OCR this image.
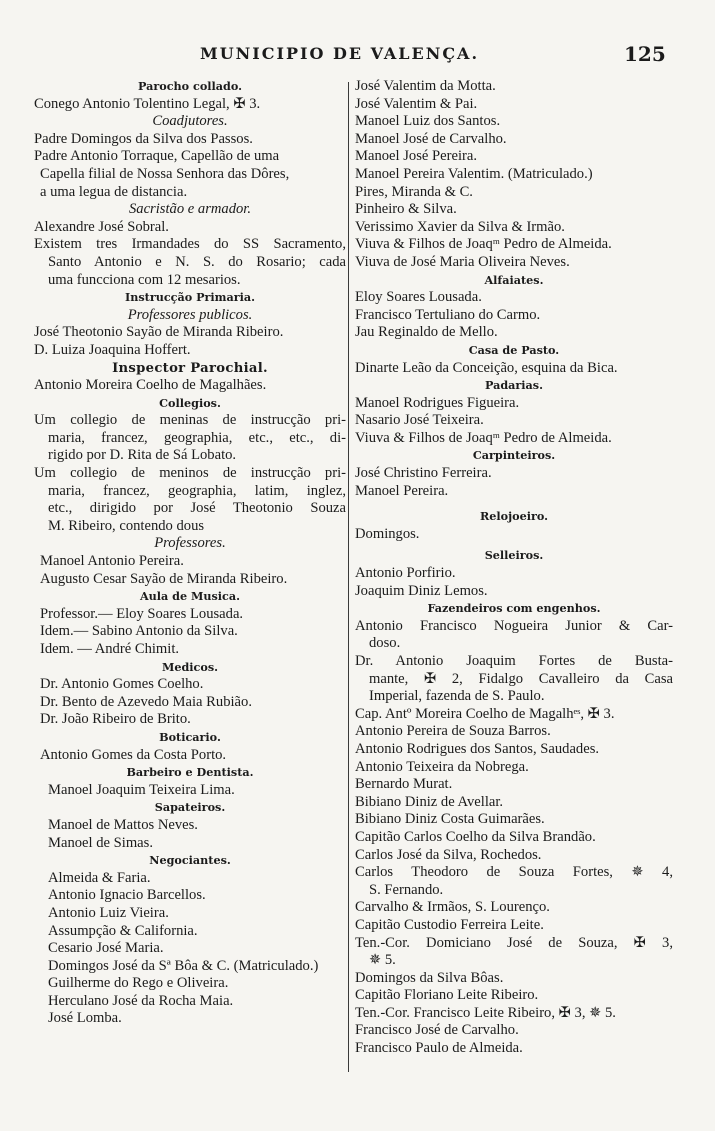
MUNICIPIO DE VALENÇA.	125
Parocho collado.
Conego Antonio Tolentino Legal, ✠ 3.
Coadjutores.
Padre Domingos da Silva dos Passos.
Padre Antonio Torraque, Capellão de uma
Capella filial de Nossa Senhora das Dôres,
a uma legua de distancia.
Sacristão e armador.
Alexandre José Sobral.
Existem tres Irmandades do SS Sacramento,
Santo Antonio e N. S. do Rosario; cada
uma funcciona com 12 mesarios.
Instrucção Primaria.
Professores publicos.
José Theotonio Sayão de Miranda Ribeiro.
D. Luiza Joaquina Hoffert.
Inspector Parochial.
Antonio Moreira Coelho de Magalhães.
Collegios.
Um collegio de meninas de instrucção pri-
maria, francez, geographia, etc., etc., di-
rigido por D. Rita de Sá Lobato.
Um collegio de meninos de instrucção pri-
maria, francez, geographia, latim, inglez,
etc., dirigido por José Theotonio Souza
M. Ribeiro, contendo dous
Professores.
Manoel Antonio Pereira.
Augusto Cesar Sayão de Miranda Ribeiro.
Aula de Musica.
Professor.— Eloy Soares Lousada.
Idem.— Sabino Antonio da Silva.
Idem. — André Chimit.
Medicos.
Dr. Antonio Gomes Coelho.
Dr. Bento de Azevedo Maia Rubião.
Dr. João Ribeiro de Brito.
Boticario.
Antonio Gomes da Costa Porto.
Barbeiro e Dentista.
Manoel Joaquim Teixeira Lima.
Sapateiros.
Manoel de Mattos Neves.
Manoel de Simas.
Negociantes.
Almeida & Faria.
Antonio Ignacio Barcellos.
Antonio Luiz Vieira.
Assumpção & California.
Cesario José Maria.
Domingos José da Sª Bôa & C. (Matriculado.)
Guilherme do Rego e Oliveira.
Herculano José da Rocha Maia.
José Lomba.
José Valentim da Motta.
José Valentim & Pai.
Manoel Luiz dos Santos.
Manoel José de Carvalho.
Manoel José Pereira.
Manoel Pereira Valentim. (Matriculado.)
Pires, Miranda & C.
Pinheiro & Silva.
Verissimo Xavier da Silva & Irmão.
Viuva & Filhos de Joaqᵐ Pedro de Almeida.
Viuva de José Maria Oliveira Neves.
Alfaiates.
Eloy Soares Lousada.
Francisco Tertuliano do Carmo.
Jau Reginaldo de Mello.
Casa de Pasto.
Dinarte Leão da Conceição, esquina da Bica.
Padarias.
Manoel Rodrigues Figueira.
Nasario José Teixeira.
Viuva & Filhos de Joaqᵐ Pedro de Almeida.
Carpinteiros.
José Christino Ferreira.
Manoel Pereira.
Relojoeiro.
Domingos.
Selleiros.
Antonio Porfirio.
Joaquim Diniz Lemos.
Fazendeiros com engenhos.
Antonio Francisco Nogueira Junior & Car-
doso.
Dr. Antonio Joaquim Fortes de Busta-
mante, ✠ 2, Fidalgo Cavalleiro da Casa
Imperial, fazenda de S. Paulo.
Cap. Antº Moreira Coelho de Magalhᵉˢ, ✠ 3.
Antonio Pereira de Souza Barros.
Antonio Rodrigues dos Santos, Saudades.
Antonio Teixeira da Nobrega.
Bernardo Murat.
Bibiano Diniz de Avellar.
Bibiano Diniz Costa Guimarães.
Capitão Carlos Coelho da Silva Brandão.
Carlos José da Silva, Rochedos.
Carlos Theodoro de Souza Fortes, ✵ 4,
S. Fernando.
Carvalho & Irmãos, S. Lourenço.
Capitão Custodio Ferreira Leite.
Ten.-Cor. Domiciano José de Souza, ✠ 3,
✵ 5.
Domingos da Silva Bôas.
Capitão Floriano Leite Ribeiro.
Ten.-Cor. Francisco Leite Ribeiro, ✠ 3, ✵ 5.
Francisco José de Carvalho.
Francisco Paulo de Almeida.
